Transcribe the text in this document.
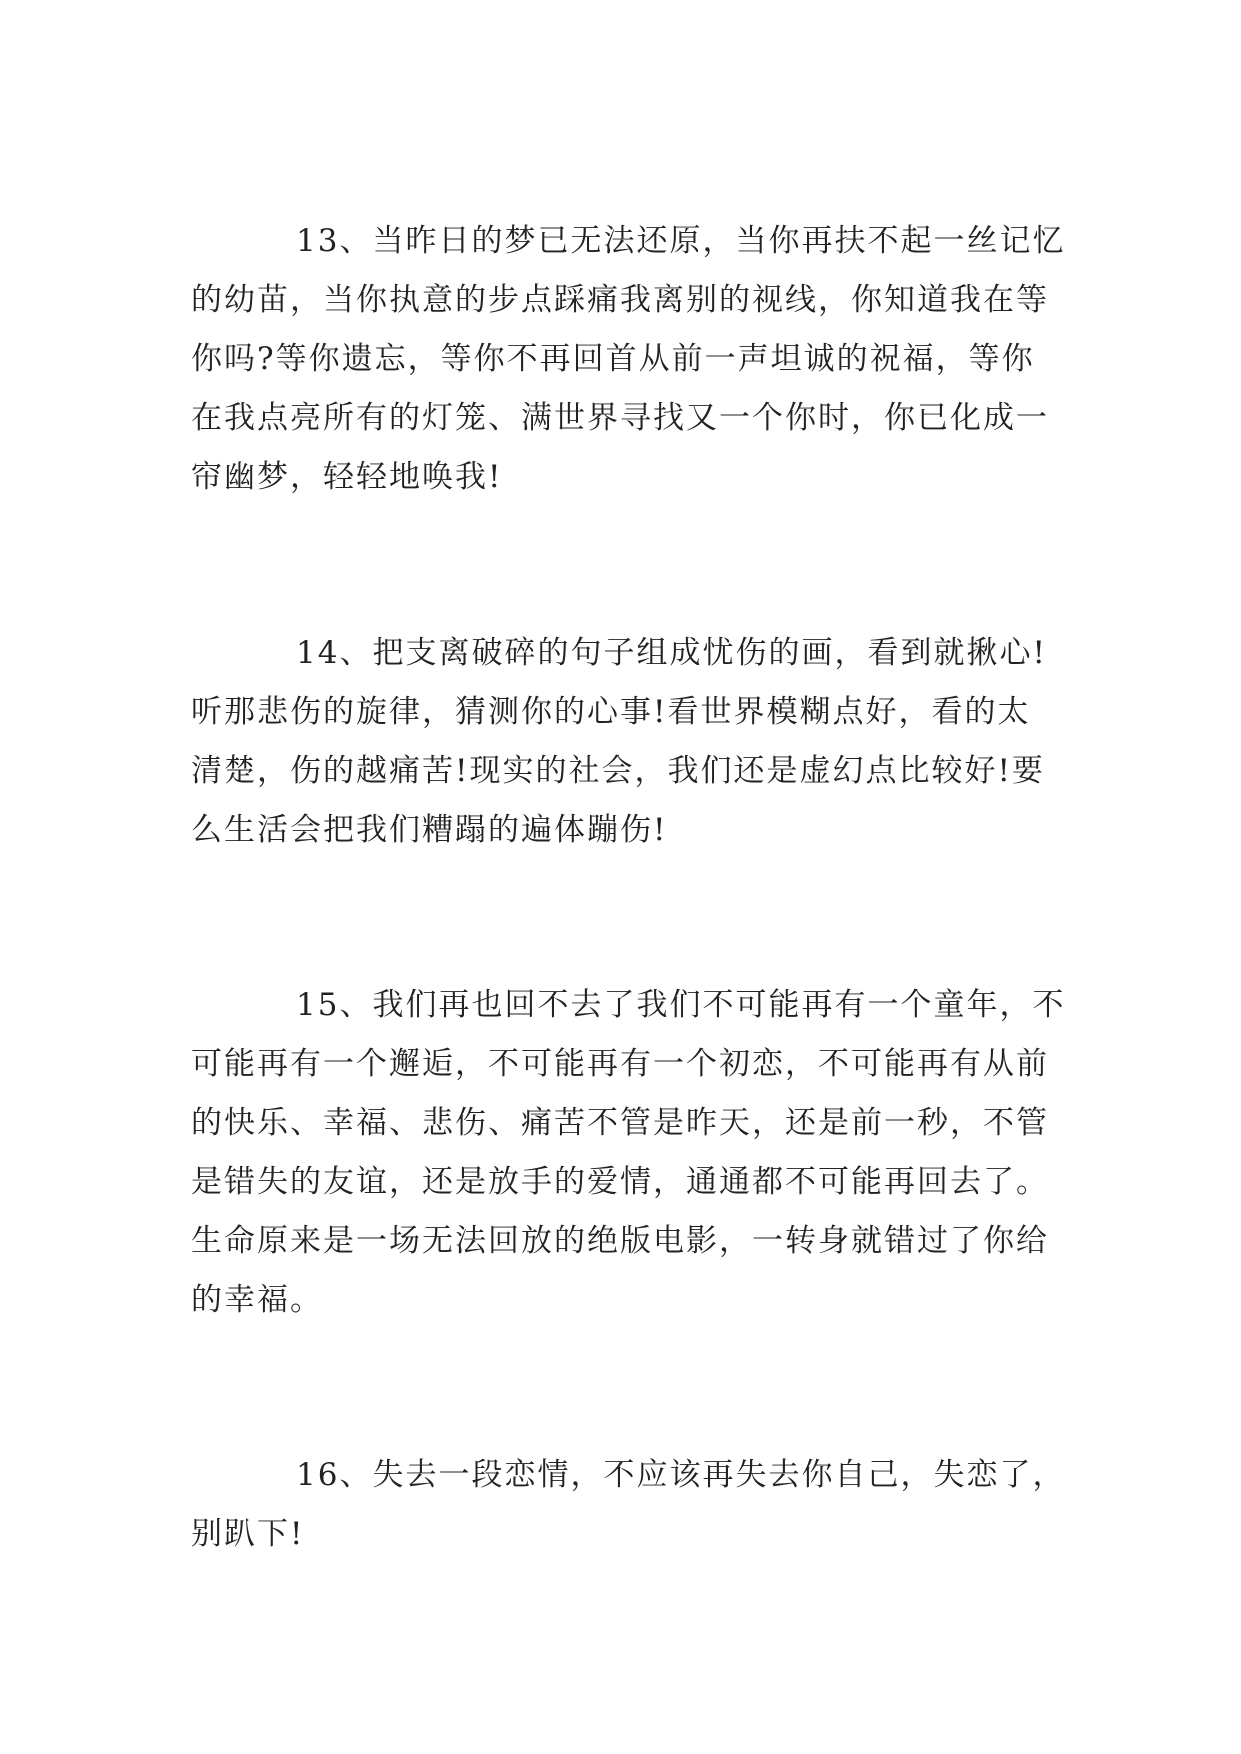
13、当昨日的梦已无法还原，当你再扶不起一丝记忆
的幼苗，当你执意的步点踩痛我离别的视线，你知道我在等
你吗?等你遗忘，等你不再回首从前一声坦诚的祝福，等你
在我点亮所有的灯笼、满世界寻找又一个你时，你已化成一
帘幽梦，轻轻地唤我!

14、把支离破碎的句子组成忧伤的画，看到就揪心!
听那悲伤的旋律，猜测你的心事!看世界模糊点好，看的太
清楚，伤的越痛苦!现实的社会，我们还是虚幻点比较好!要
么生活会把我们糟蹋的遍体蹦伤!

15、我们再也回不去了我们不可能再有一个童年，不
可能再有一个邂逅，不可能再有一个初恋，不可能再有从前
的快乐、幸福、悲伤、痛苦不管是昨天，还是前一秒，不管
是错失的友谊，还是放手的爱情，通通都不可能再回去了。
生命原来是一场无法回放的绝版电影，一转身就错过了你给
的幸福。

16、失去一段恋情，不应该再失去你自己，失恋了，
别趴下!
